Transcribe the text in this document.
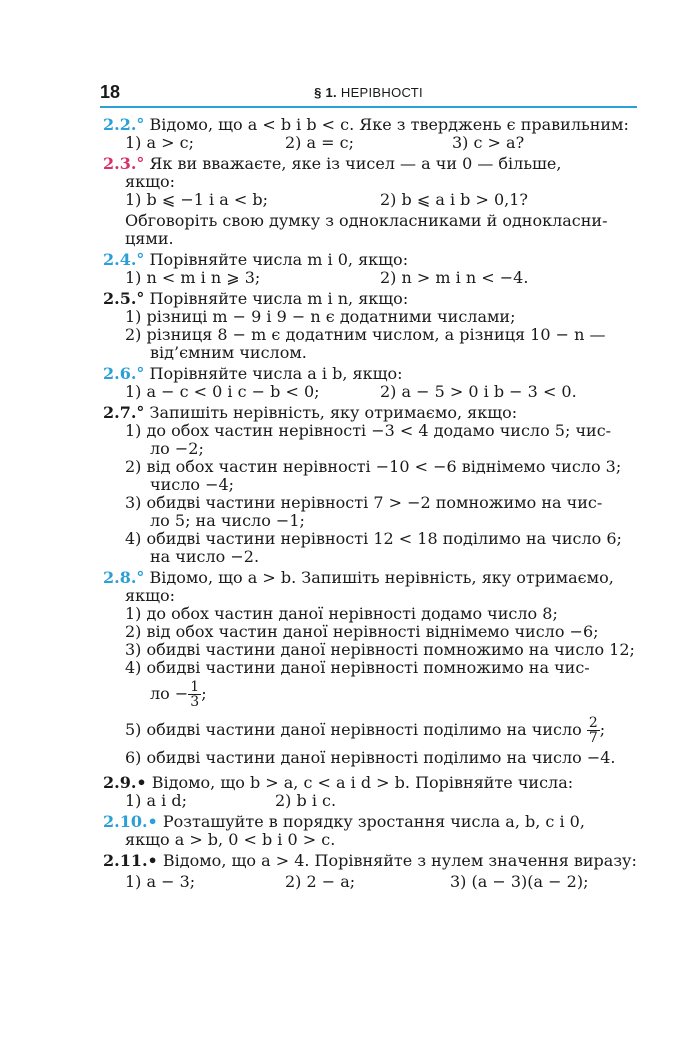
18	§ 1. НЕРІВНОСТІ
2.2.° Відомо, що a < b і b < c. Яке з тверджень є правильним:
1) a > c;	2) a = c;	3) c > a?
2.3.° Як ви вважаєте, яке із чисел — a чи 0 — більше,
якщо:
1) b ⩽ −1 і a < b;	2) b ⩽ a і b > 0,1?
Обговоріть свою думку з однокласниками й однокласни-
цями.
2.4.° Порівняйте числа m і 0, якщо:
1) n < m і n ⩾ 3;	2) n > m і n < −4.
2.5.° Порівняйте числа m і n, якщо:
1) різниці m − 9 і 9 − n є додатними числами;
2) різниця 8 − m є додатним числом, а різниця 10 − n —
від’ємним числом.
2.6.° Порівняйте числа a і b, якщо:
1) a − c < 0 і c − b < 0;	2) a − 5 > 0 і b − 3 < 0.
2.7.° Запишіть нерівність, яку отримаємо, якщо:
1) до обох частин нерівності −3 < 4 додамо число 5; чис-
ло −2;
2) від обох частин нерівності −10 < −6 віднімемо число 3;
число −4;
3) обидві частини нерівності 7 > −2 помножимо на чис-
ло 5; на число −1;
4) обидві частини нерівності 12 < 18 поділимо на число 6;
на число −2.
2.8.° Відомо, що a > b. Запишіть нерівність, яку отримаємо,
якщо:
1) до обох частин даної нерівності додамо число 8;
2) від обох частин даної нерівності віднімемо число −6;
3) обидві частини даної нерівності помножимо на число 12;
4) обидві частини даної нерівності помножимо на чис-
ло − $\frac{1}{3}$ ;
5) обидві частини даної нерівності поділимо на число $\frac{2}{7}$ ;
6) обидві частини даної нерівності поділимо на число −4.
2.9.• Відомо, що b > a, c < a і d > b. Порівняйте числа:
1) a і d;	2) b і c.
2.10.• Розташуйте в порядку зростання числа a, b, c і 0,
якщо a > b, 0 < b і 0 > c.
2.11.• Відомо, що a > 4. Порівняйте з нулем значення виразу:
1) a − 3;	2) 2 − a;	3) (a − 3)(a − 2);
